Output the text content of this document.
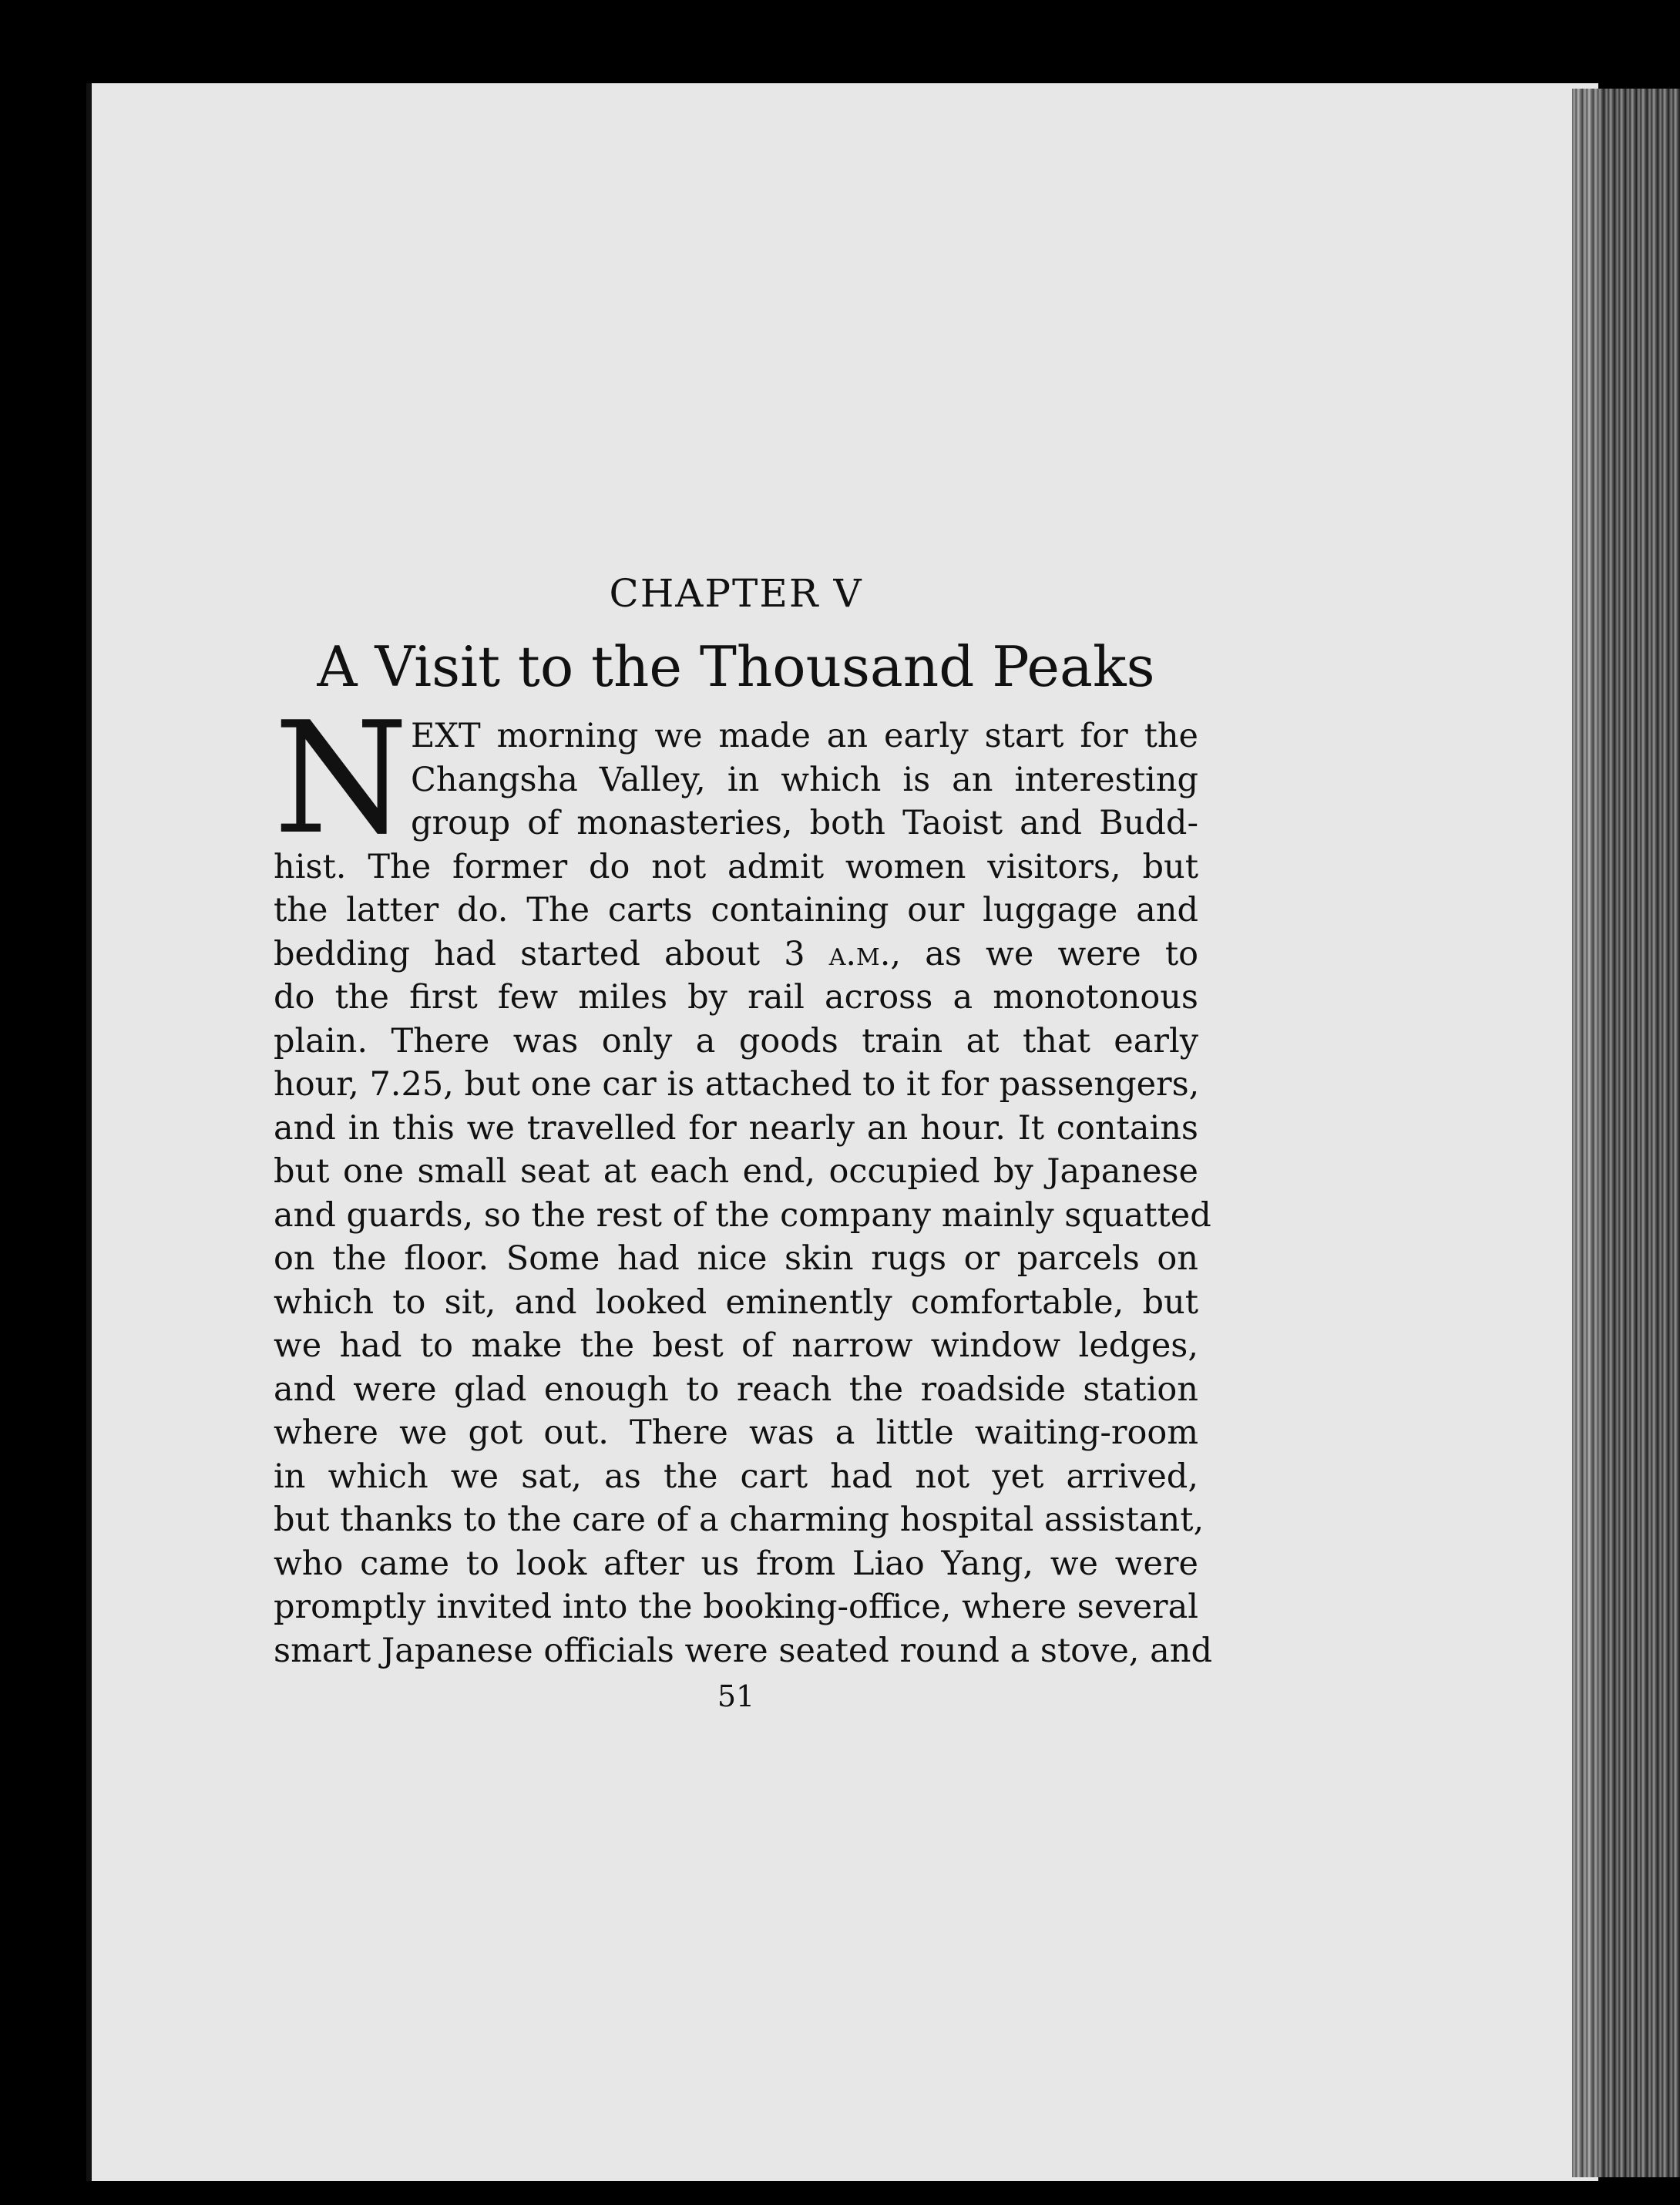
CHAPTER V
A Visit to the Thousand Peaks
N EXT morning we made an early start for the
Changsha Valley, in which is an interesting
group of monasteries, both Taoist and Budd-
hist. The former do not admit women visitors, but
the latter do. The carts containing our luggage and
bedding had started about 3 a.m., as we were to
do the first few miles by rail across a monotonous
plain. There was only a goods train at that early
hour, 7.25, but one car is attached to it for passengers,
and in this we travelled for nearly an hour. It contains
but one small seat at each end, occupied by Japanese
and guards, so the rest of the company mainly squatted
on the floor. Some had nice skin rugs or parcels on
which to sit, and looked eminently comfortable, but
we had to make the best of narrow window ledges,
and were glad enough to reach the roadside station
where we got out. There was a little waiting-room
in which we sat, as the cart had not yet arrived,
but thanks to the care of a charming hospital assistant,
who came to look after us from Liao Yang, we were
promptly invited into the booking-office, where several
smart Japanese officials were seated round a stove, and
51
